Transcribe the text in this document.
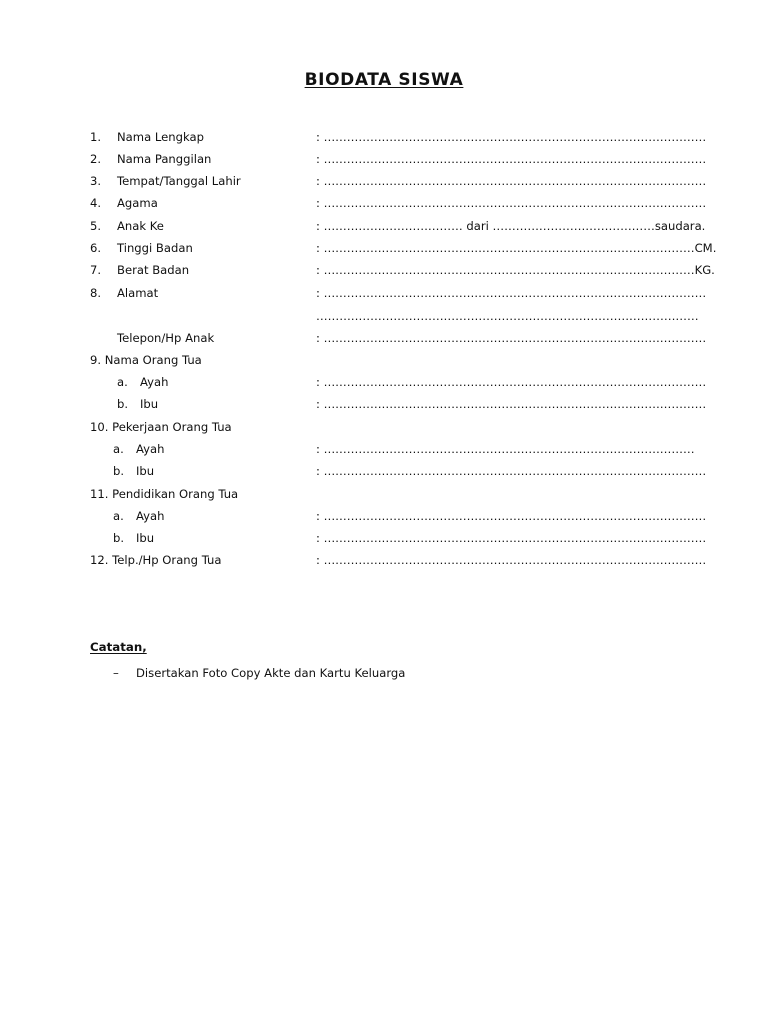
BIODATA SISWA
1. Nama Lengkap	: ………………………………………………………………………………………
2. Nama Panggilan	: ………………………………………………………………………………………
3. Tempat/Tanggal Lahir	: ………………………………………………………………………………………
4. Agama	: ………………………………………………………………………………………
5. Anak Ke	: ……………………………… dari ……………………………………saudara.
6. Tinggi Badan	: ……………………………………………………………………………………CM.
7. Berat Badan	: ……………………………………………………………………………………KG.
8. Alamat	: ………………………………………………………………………………………
………………………………………………………………………………………
Telepon/Hp Anak	: ………………………………………………………………………………………
9. Nama Orang Tua
a. Ayah	: ………………………………………………………………………………………
b. Ibu	: ………………………………………………………………………………………
10. Pekerjaan Orang Tua
a. Ayah	: ……………………………………………………………………………………
b. Ibu	: ………………………………………………………………………………………
11. Pendidikan Orang Tua
a. Ayah	: ………………………………………………………………………………………
b. Ibu	: ………………………………………………………………………………………
12. Telp./Hp Orang Tua	: ………………………………………………………………………………………
Catatan,
– Disertakan Foto Copy Akte dan Kartu Keluarga
